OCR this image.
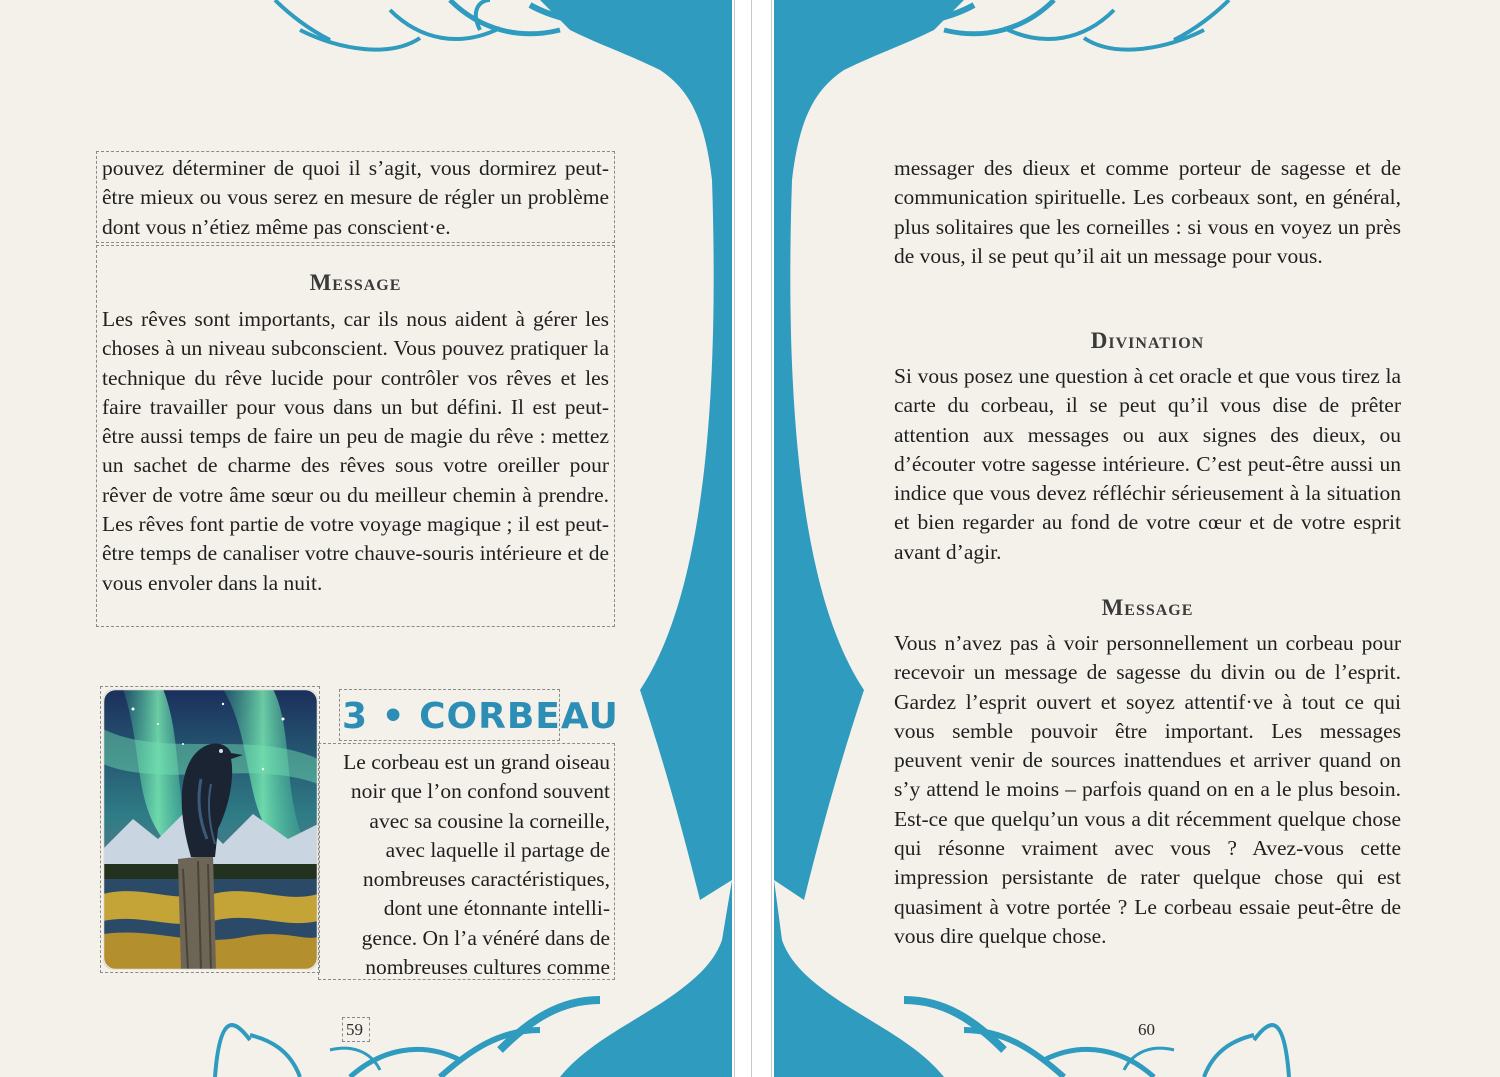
pouvez déterminer de quoi il s’agit, vous dormirez peut-être mieux ou vous serez en mesure de régler un problème dont vous n’étiez même pas conscient·e.

Message

Les rêves sont importants, car ils nous aident à gérer les choses à un niveau subconscient. Vous pouvez pratiquer la technique du rêve lucide pour contrôler vos rêves et les faire travailler pour vous dans un but défini. Il est peut-être aussi temps de faire un peu de magie du rêve : mettez un sachet de charme des rêves sous votre oreiller pour rêver de votre âme sœur ou du meilleur chemin à prendre. Les rêves font partie de votre voyage magique ; il est peut-être temps de canaliser votre chauve-souris intérieure et de vous envoler dans la nuit.

3 • CORBEAU
Le corbeau est un grand oiseau
noir que l’on confond souvent
avec sa cousine la corneille,
avec laquelle il partage de
nombreuses caractéristiques,
dont une étonnante intelli-
gence. On l’a vénéré dans de
nombreuses cultures comme
59

messager des dieux et comme porteur de sagesse et de communication spirituelle. Les corbeaux sont, en général, plus solitaires que les corneilles : si vous en voyez un près de vous, il se peut qu’il ait un message pour vous.

Divination

Si vous posez une question à cet oracle et que vous tirez la carte du corbeau, il se peut qu’il vous dise de prêter attention aux messages ou aux signes des dieux, ou d’écouter votre sagesse intérieure. C’est peut-être aussi un indice que vous devez réfléchir sérieusement à la situation et bien regarder au fond de votre cœur et de votre esprit avant d’agir.

Message

Vous n’avez pas à voir personnellement un corbeau pour recevoir un message de sagesse du divin ou de l’esprit. Gardez l’esprit ouvert et soyez attentif·ve à tout ce qui vous semble pouvoir être important. Les messages peuvent venir de sources inattendues et arriver quand on s’y attend le moins – parfois quand on en a le plus besoin. Est-ce que quelqu’un vous a dit récemment quelque chose qui résonne vraiment avec vous ? Avez-vous cette impression persistante de rater quelque chose qui est quasiment à votre portée ? Le corbeau essaie peut-être de vous dire quelque chose.

60
